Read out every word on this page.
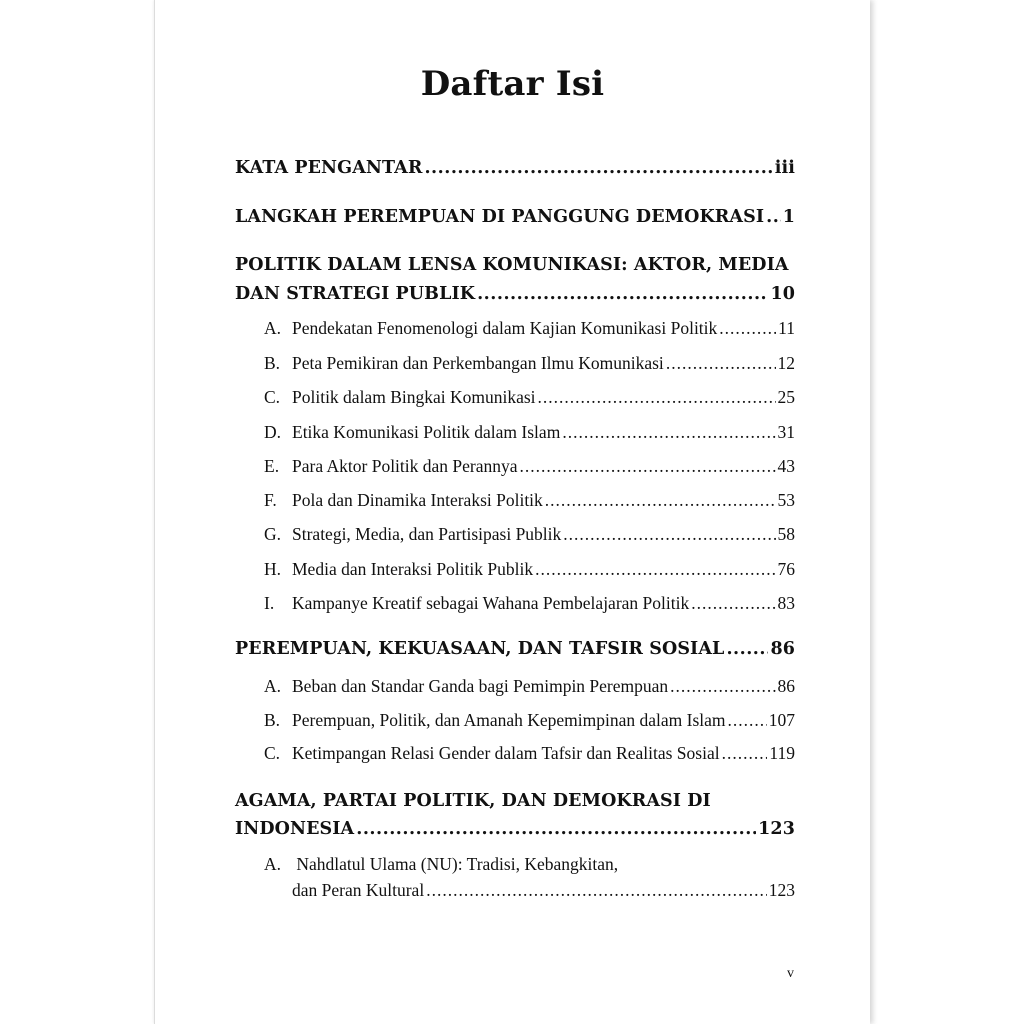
Daftar Isi
KATA PENGANTAR .....	iii
LANGKAH PEREMPUAN DI PANGGUNG DEMOKRASI ..... 1
POLITIK DALAM LENSA KOMUNIKASI: AKTOR, MEDIA
DAN STRATEGI PUBLIK .....	10
A. Pendekatan Fenomenologi dalam Kajian Komunikasi Politik .....	11
B. Peta Pemikiran dan Perkembangan Ilmu Komunikasi .....	12
C. Politik dalam Bingkai Komunikasi .....	25
D. Etika Komunikasi Politik dalam Islam .....	31
E. Para Aktor Politik dan Perannya .....	43
F. Pola dan Dinamika Interaksi Politik .....	53
G. Strategi, Media, dan Partisipasi Publik .....	58
H. Media dan Interaksi Politik Publik .....	76
I.	Kampanye Kreatif sebagai Wahana Pembelajaran Politik .....	83
PEREMPUAN, KEKUASAAN, DAN TAFSIR SOSIAL .....	86
A. Beban dan Standar Ganda bagi Pemimpin Perempuan .....	86
B. Perempuan, Politik, dan Amanah Kepemimpinan dalam Islam ..... 107
C. Ketimpangan Relasi Gender dalam Tafsir dan Realitas Sosial .....	119
AGAMA, PARTAI POLITIK, DAN DEMOKRASI DI
INDONESIA .....	123
A. Nahdlatul Ulama (NU): Tradisi, Kebangkitan,
dan Peran Kultural .....	123
v
